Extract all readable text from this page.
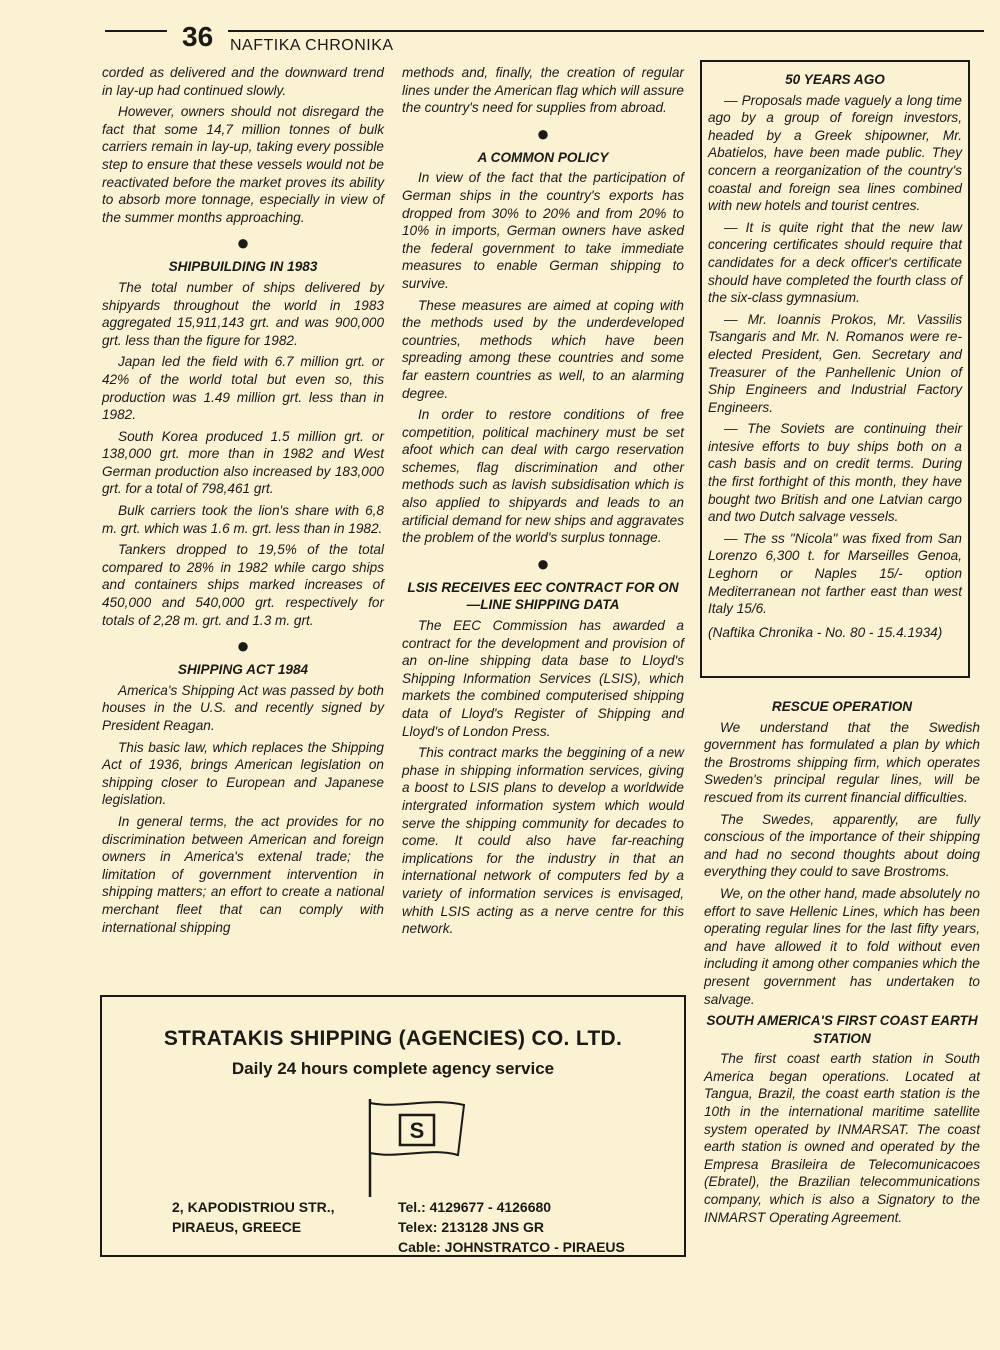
36 NAFTIKA CHRONIKA

corded as delivered and the downward trend in lay-up had continued slowly.

However, owners should not disregard the fact that some 14,7 million tonnes of bulk carriers remain in lay-up, taking every possible step to ensure that these vessels would not be reactivated before the market proves its ability to absorb more tonnage, especially in view of the summer months approaching.

●
SHIPBUILDING IN 1983

The total number of ships delivered by shipyards throughout the world in 1983 aggregated 15,911,143 grt. and was 900,000 grt. less than the figure for 1982.

Japan led the field with 6.7 million grt. or 42% of the world total but even so, this production was 1.49 million grt. less than in 1982.

South Korea produced 1.5 million grt. or 138,000 grt. more than in 1982 and West German production also increased by 183,000 grt. for a total of 798,461 grt.

Bulk carriers took the lion's share with 6,8 m. grt. which was 1.6 m. grt. less than in 1982.

Tankers dropped to 19,5% of the total compared to 28% in 1982 while cargo ships and containers ships marked increases of 450,000 and 540,000 grt. respectively for totals of 2,28 m. grt. and 1.3 m. grt.

●
SHIPPING ACT 1984

America's Shipping Act was passed by both houses in the U.S. and recently signed by President Reagan.

This basic law, which replaces the Shipping Act of 1936, brings American legislation on shipping closer to European and Japanese legislation.

In general terms, the act provides for no discrimination between American and foreign owners in America's extenal trade; the limitation of government intervention in shipping matters; an effort to create a national merchant fleet that can comply with international shipping

methods and, finally, the creation of regular lines under the American flag which will assure the country's need for supplies from abroad.

●
A COMMON POLICY

In view of the fact that the participation of German ships in the country's exports has dropped from 30% to 20% and from 20% to 10% in imports, German owners have asked the federal government to take immediate measures to enable German shipping to survive.

These measures are aimed at coping with the methods used by the underdeveloped countries, methods which have been spreading among these countries and some far eastern countries as well, to an alarming degree.

In order to restore conditions of free competition, political machinery must be set afoot which can deal with cargo reservation schemes, flag discrimination and other methods such as lavish subsidisation which is also applied to shipyards and leads to an artificial demand for new ships and aggravates the problem of the world's surplus tonnage.

●
LSIS RECEIVES EEC CONTRACT FOR ON—LINE SHIPPING DATA

The EEC Commission has awarded a contract for the development and provision of an on-line shipping data base to Lloyd's Shipping Information Services (LSIS), which markets the combined computerised shipping data of Lloyd's Register of Shipping and Lloyd's of London Press.

This contract marks the beggining of a new phase in shipping information services, giving a boost to LSIS plans to develop a worldwide intergrated information system which would serve the shipping community for decades to come. It could also have far-reaching implications for the industry in that an international network of computers fed by a variety of information services is envisaged, whith LSIS acting as a nerve centre for this network.

50 YEARS AGO

— Proposals made vaguely a long time ago by a group of foreign investors, headed by a Greek shipowner, Mr. Abatielos, have been made public. They concern a reorganization of the country's coastal and foreign sea lines combined with new hotels and tourist centres.

— It is quite right that the new law concering certificates should require that candidates for a deck officer's certificate should have completed the fourth class of the six-class gymnasium.

— Mr. Ioannis Prokos, Mr. Vassilis Tsangaris and Mr. N. Romanos were re-elected President, Gen. Secretary and Treasurer of the Panhellenic Union of Ship Engineers and Industrial Factory Engineers.

— The Soviets are continuing their intesive efforts to buy ships both on a cash basis and on credit terms. During the first forthight of this month, they have bought two British and one Latvian cargo and two Dutch salvage vessels.

— The ss "Nicola" was fixed from San Lorenzo 6,300 t. for Marseilles Genoa, Leghorn or Naples 15/- option Mediterranean not farther east than west Italy 15/6.

(Naftika Chronika - No. 80 - 15.4.1934)

RESCUE OPERATION

We understand that the Swedish government has formulated a plan by which the Brostroms shipping firm, which operates Sweden's principal regular lines, will be rescued from its current financial difficulties.

The Swedes, apparently, are fully conscious of the importance of their shipping and had no second thoughts about doing everything they could to save Brostroms.

We, on the other hand, made absolutely no effort to save Hellenic Lines, which has been operating regular lines for the last fifty years, and have allowed it to fold without even including it among other companies which the present government has undertaken to salvage.

SOUTH AMERICA'S FIRST COAST EARTH STATION

The first coast earth station in South America began operations. Located at Tangua, Brazil, the coast earth station is the 10th in the international maritime satellite system operated by INMARSAT. The coast earth station is owned and operated by the Empresa Brasileira de Telecomunicacoes (Ebratel), the Brazilian telecommunications company, which is also a Signatory to the INMARST Operating Agreement.

STRATAKIS SHIPPING (AGENCIES) CO. LTD.
Daily 24 hours complete agency service
S
2, KAPODISTRIOU STR.,
PIRAEUS, GREECE
Tel.: 4129677 - 4126680
Telex: 213128 JNS GR
Cable: JOHNSTRATCO - PIRAEUS
